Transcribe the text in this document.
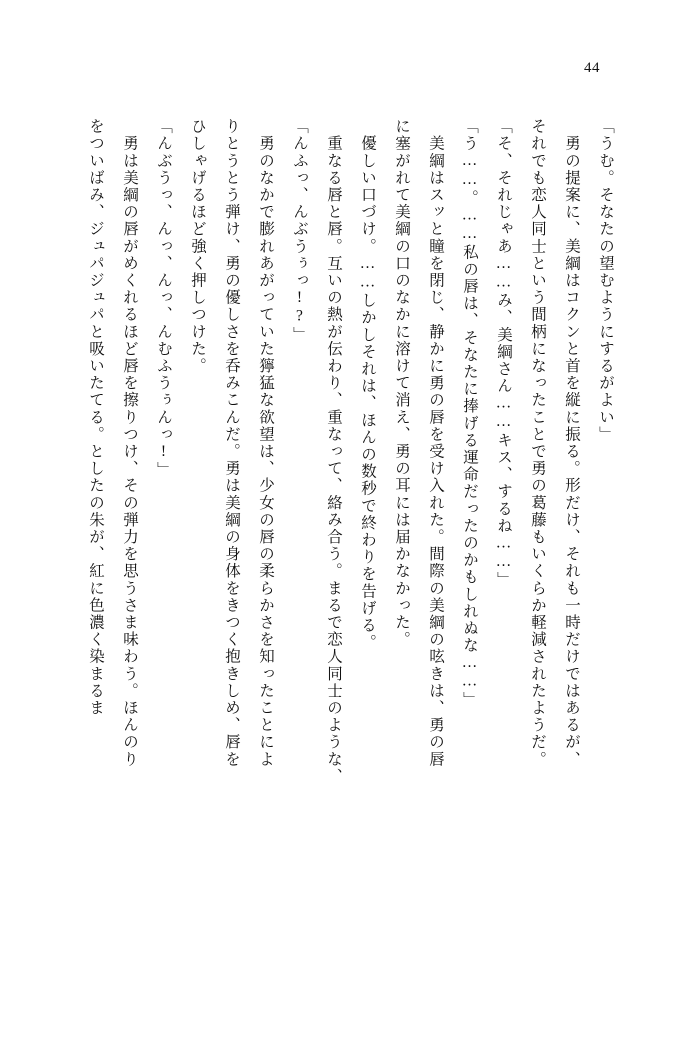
44
「うむ。そなたの望むようにするがよい」
　勇の提案に、美綱はコクンと首を縦に振る。形だけ、それも一時だけではあるが、
それでも恋人同士という間柄になったことで勇の葛藤もいくらか軽減されたようだ。
「そ、それじゃあ……み、美綱さん……キス、するね……」
「う……。……私の唇は、そなたに捧げる運命だったのかもしれぬな……」
　美綱はスッと瞳を閉じ、静かに勇の唇を受け入れた。間際の美綱の呟きは、勇の唇
に塞がれて美綱の口のなかに溶けて消え、勇の耳には届かなかった。
　優しい口づけ。……しかしそれは、ほんの数秒で終わりを告げる。
　重なる唇と唇。互いの熱が伝わり、重なって、絡み合う。まるで恋人同士のような、
「んふっ、んぶうぅっ!?」
　勇のなかで膨れあがっていた獰猛な欲望は、少女の唇の柔らかさを知ったことによ
りとうとう弾け、勇の優しさを呑みこんだ。勇は美綱の身体をきつく抱きしめ、唇を
ひしゃげるほど強く押しつけた。
「んぶうっ、んっ、んっ、んむふうぅんっ!」
　勇は美綱の唇がめくれるほど唇を擦りつけ、その弾力を思うさま味わう。ほんのり
をついばみ、ジュパジュパと吸いたてる。としたの朱が、紅に色濃く染まるま
